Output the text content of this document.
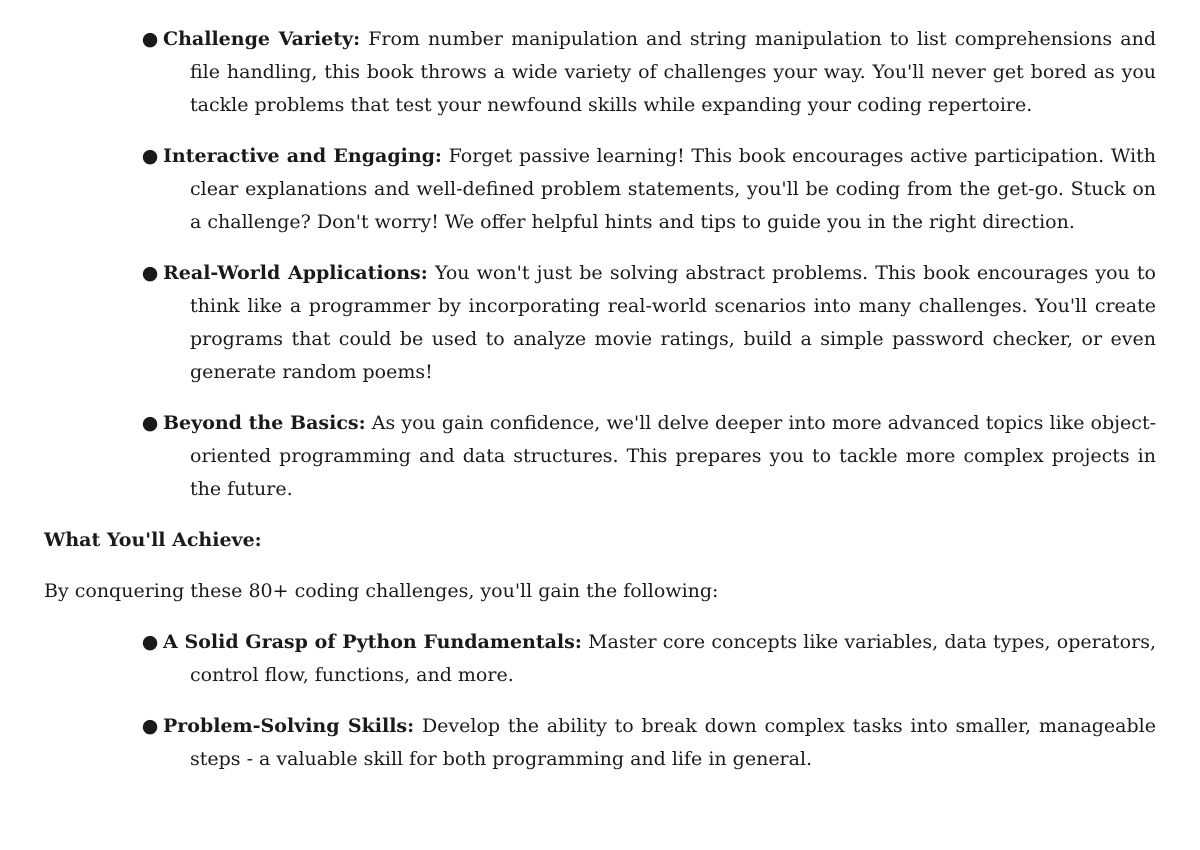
● Challenge Variety: From number manipulation and string manipulation to list comprehensions and file handling, this book throws a wide variety of challenges your way. You'll never get bored as you tackle problems that test your newfound skills while expanding your coding repertoire.
● Interactive and Engaging: Forget passive learning! This book encourages active participation. With clear explanations and well-defined problem statements, you'll be coding from the get-go. Stuck on a challenge? Don't worry! We offer helpful hints and tips to guide you in the right direction.
● Real-World Applications: You won't just be solving abstract problems. This book encourages you to think like a programmer by incorporating real-world scenarios into many challenges. You'll create programs that could be used to analyze movie ratings, build a simple password checker, or even generate random poems!
● Beyond the Basics: As you gain confidence, we'll delve deeper into more advanced topics like object-oriented programming and data structures. This prepares you to tackle more complex projects in the future.
What You'll Achieve:
By conquering these 80+ coding challenges, you'll gain the following:
● A Solid Grasp of Python Fundamentals: Master core concepts like variables, data types, operators, control flow, functions, and more.
● Problem-Solving Skills: Develop the ability to break down complex tasks into smaller, manageable steps - a valuable skill for both programming and life in general.
